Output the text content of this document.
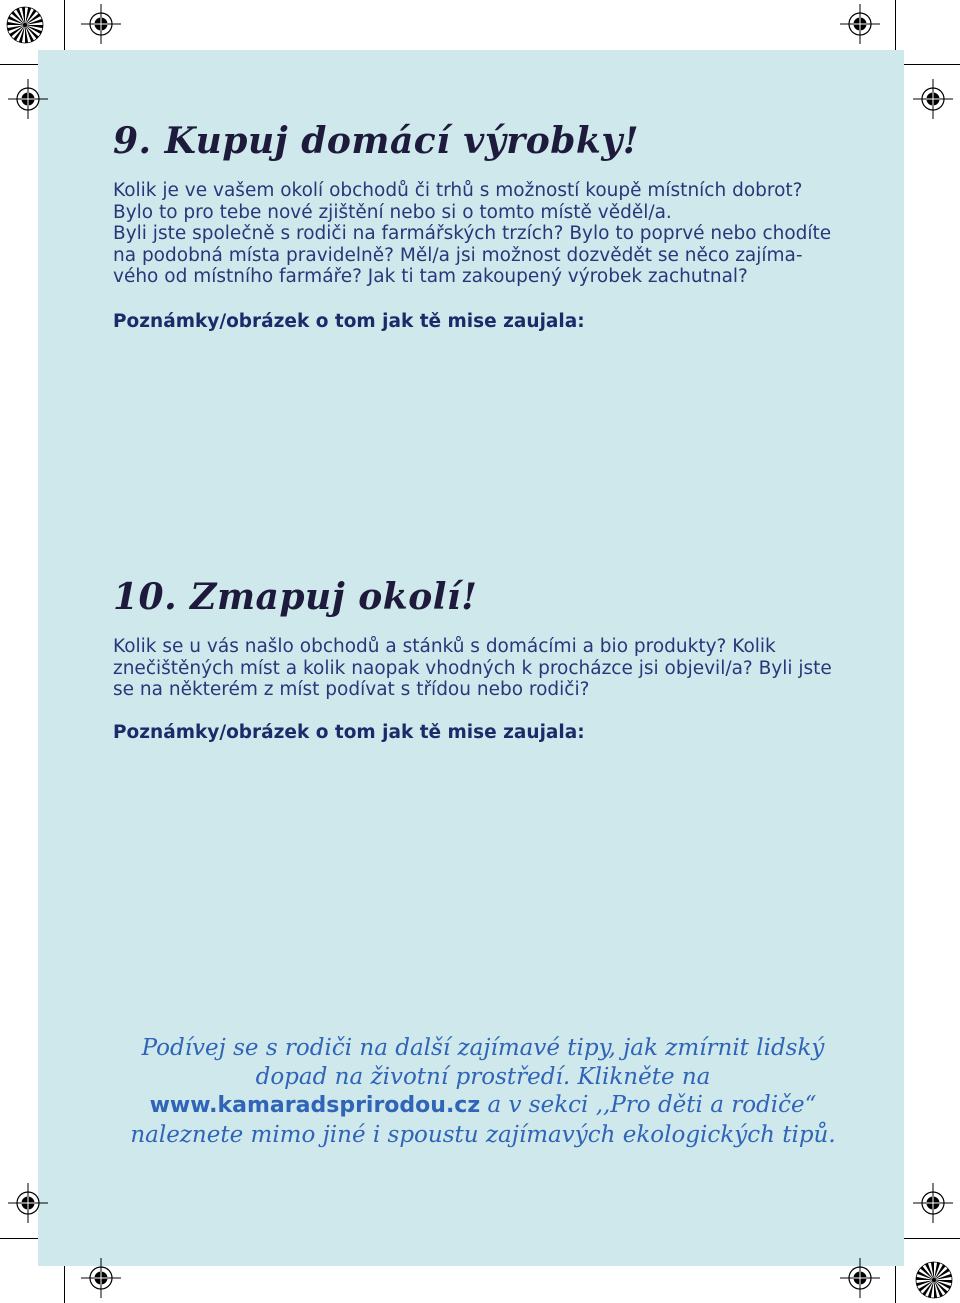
9. Kupuj domácí výrobky!

Kolik je ve vašem okolí obchodů či trhů s možností koupě místních dobrot?
Bylo to pro tebe nové zjištění nebo si o tomto místě věděl/a.
Byli jste společně s rodiči na farmářských trzích? Bylo to poprvé nebo chodíte
na podobná místa pravidelně? Měl/a jsi možnost dozvědět se něco zajíma-
vého od místního farmáře? Jak ti tam zakoupený výrobek zachutnal?

Poznámky/obrázek o tom jak tě mise zaujala:

10. Zmapuj okolí!

Kolik se u vás našlo obchodů a stánků s domácími a bio produkty? Kolik
znečištěných míst a kolik naopak vhodných k procházce jsi objevil/a? Byli jste
se na některém z míst podívat s třídou nebo rodiči?

Poznámky/obrázek o tom jak tě mise zaujala:

Podívej se s rodiči na další zajímavé tipy, jak zmírnit lidský
dopad na životní prostředí. Klikněte na
www.kamaradsprirodou.cz a v sekci ,,Pro děti a rodiče“
naleznete mimo jiné i spoustu zajímavých ekologických tipů.
